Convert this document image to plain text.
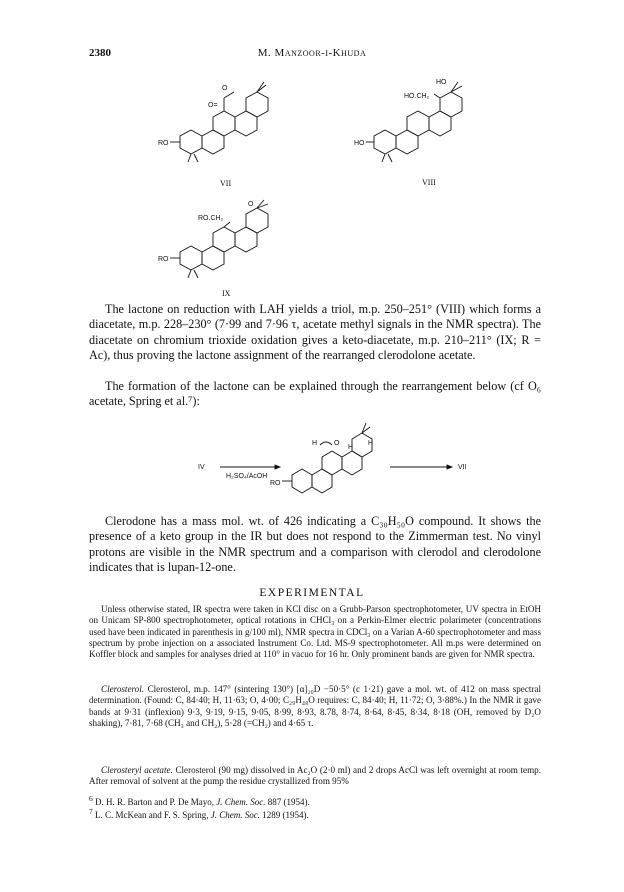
2380	M. Manzoor-i-Khuda
O
O=
RO
VII
HO
HO.CH₂
HO
VIII
O
RO.CH₂
RO
IX
The lactone on reduction with LAH yields a triol, m.p. 250–251° (VIII) which forms a diacetate, m.p. 228–230° (7·99 and 7·96 τ, acetate methyl signals in the NMR spectra). The diacetate on chromium trioxide oxidation gives a keto-diacetate, m.p. 210–211° (IX; R = Ac), thus proving the lactone assignment of the rearranged clerodolone acetate.
The formation of the lactone can be explained through the rearrangement below (cf O₆ acetate, Spring et al.⁷):
IV
H₂SO₄/AcOH
VII
RO
H O
H
H
Clerodone has a mass mol. wt. of 426 indicating a C₃₀H₅₀O compound. It shows the presence of a keto group in the IR but does not respond to the Zimmerman test. No vinyl protons are visible in the NMR spectrum and a comparison with clerodol and clerodolone indicates that is lupan-12-one.
EXPERIMENTAL
Unless otherwise stated, IR spectra were taken in KCl disc on a Grubb-Parson spectrophotometer, UV spectra in EtOH on Unicam SP-800 spectrophotometer, optical rotations in CHCl₃ on a Perkin-Elmer electric polarimeter (concentrations used have been indicated in parenthesis in g/100 ml), NMR spectra in CDCl₃ on a Varian A-60 spectrophotometer and mass spectrum by probe injection on a associated Instrument Co. Ltd. MS-9 spectrophotometer. All m.ps were determined on Koffler block and samples for analyses dried at 110° in vacuo for 16 hr. Only prominent bands are given for NMR spectra.
Clerosterol. Clerosterol, m.p. 147° (sintering 130°) [α]₂₀D −50·5° (c 1·21) gave a mol. wt. of 412 on mass spectral determination. (Found: C, 84·40; H, 11·63; O, 4·00; C₂₉H₄₈O requires: C, 84·40; H, 11·72; O, 3·88%.) In the NMR it gave bands at 9·31 (inflexion) 9·3, 9·19, 9·15, 9·05, 8·99, 8·93, 8.78, 8·74, 8·64, 8·45, 8·34, 8·18 (OH, removed by D₂O shaking), 7·81, 7·68 (CH₃ and CH₂), 5·28 (=CH₂) and 4·65 τ.
Clerosteryl acetate. Clerosterol (90 mg) dissolved in Ac₂O (2·0 ml) and 2 drops AcCl was left overnight at room temp. After removal of solvent at the pump the residue crystallized from 95%
$^6$ D. H. R. Barton and P. De Mayo, J. Chem. Soc. 887 (1954).
$^7$ L. C. McKean and F. S. Spring, J. Chem. Soc. 1289 (1954).
